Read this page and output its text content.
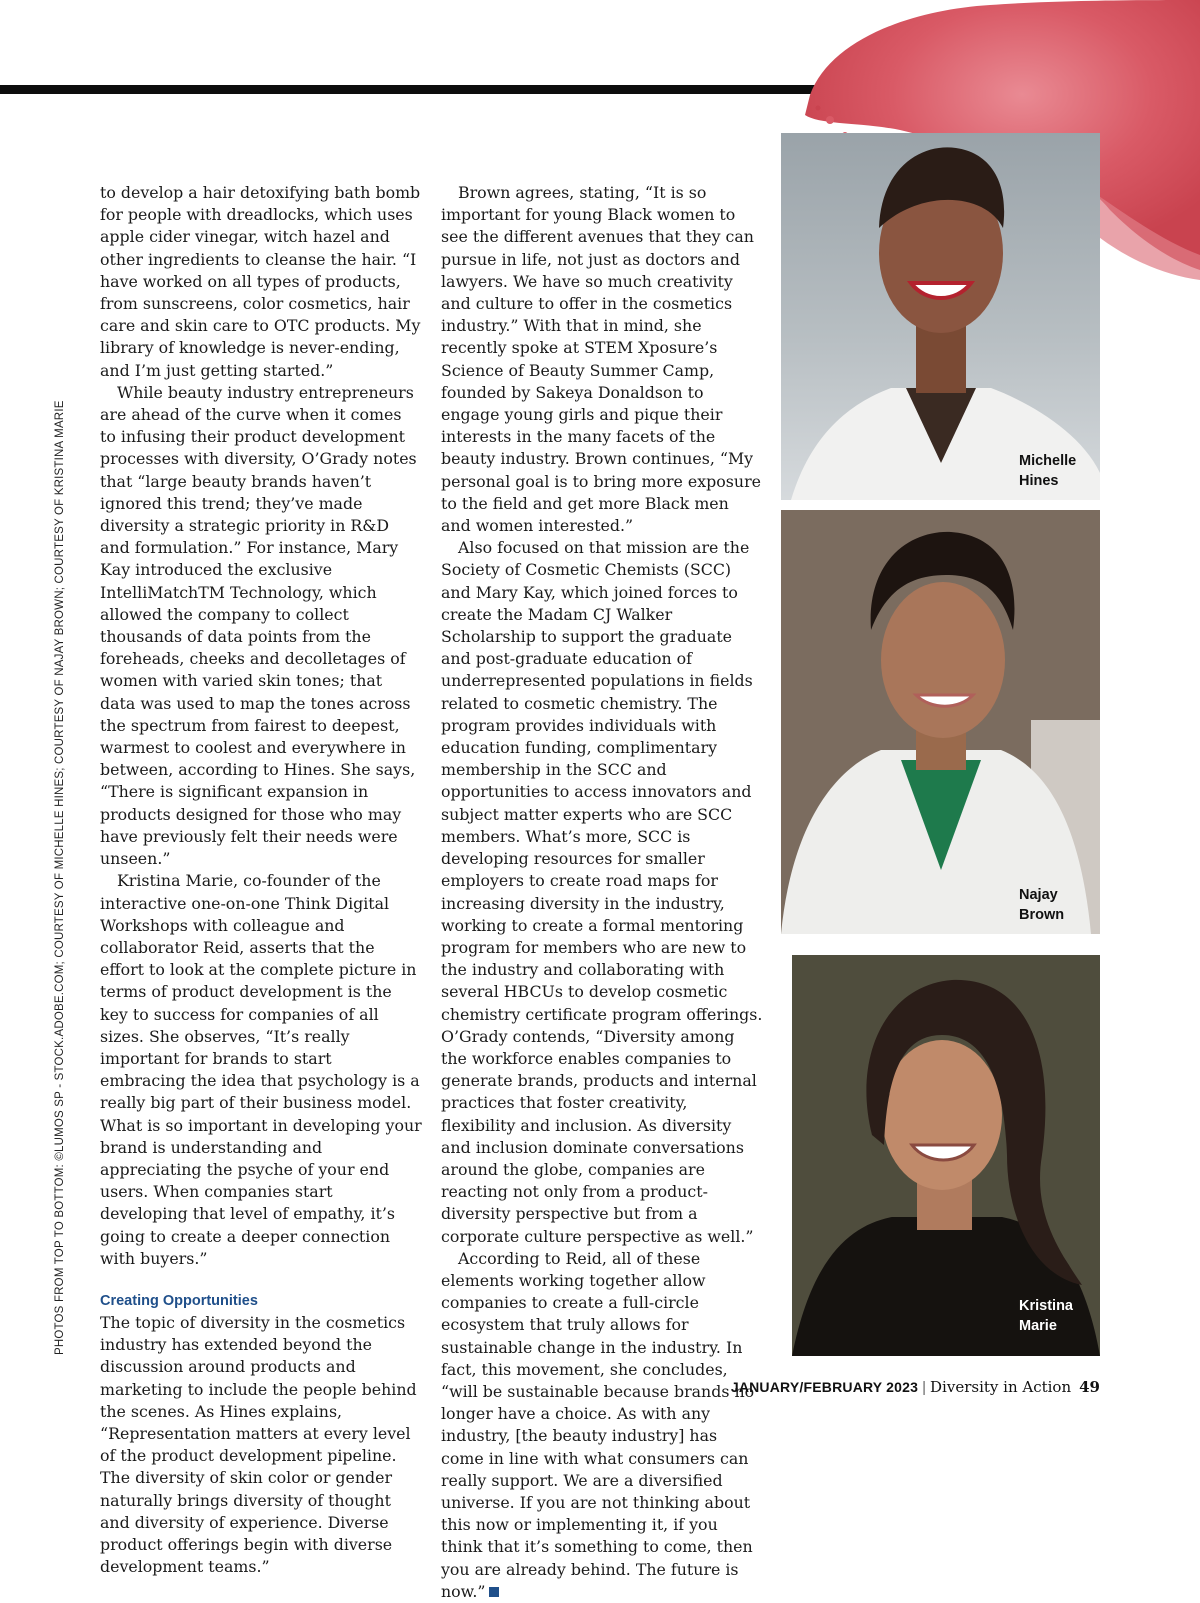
PHOTOS FROM TOP TO BOTTOM: ©LUMOS SP - STOCK.ADOBE.COM; COURTESY OF MICHELLE HINES; COURTESY OF NAJAY BROWN; COURTESY OF KRISTINA MARIE

to develop a hair detoxifying bath bomb for people with dreadlocks, which uses apple cider vinegar, witch hazel and other ingredients to cleanse the hair. “I have worked on all types of products, from sunscreens, color cosmetics, hair care and skin care to OTC products. My library of knowledge is never-ending, and I’m just getting started.”

While beauty industry entrepreneurs are ahead of the curve when it comes to infusing their product development processes with diversity, O’Grady notes that “large beauty brands haven’t ignored this trend; they’ve made diversity a strategic priority in R&D and formulation.” For instance, Mary Kay introduced the exclusive IntelliMatchTM Technology, which allowed the company to collect thousands of data points from the foreheads, cheeks and decolletages of women with varied skin tones; that data was used to map the tones across the spectrum from fairest to deepest, warmest to coolest and everywhere in between, according to Hines. She says, “There is significant expansion in products designed for those who may have previously felt their needs were unseen.”

Kristina Marie, co-founder of the interactive one-on-one Think Digital Workshops with colleague and collaborator Reid, asserts that the effort to look at the complete picture in terms of product development is the key to success for companies of all sizes. She observes, “It’s really important for brands to start embracing the idea that psychology is a really big part of their business model. What is so important in developing your brand is understanding and appreciating the psyche of your end users. When companies start developing that level of empathy, it’s going to create a deeper connection with buyers.”

Creating Opportunities

The topic of diversity in the cosmetics industry has extended beyond the discussion around products and marketing to include the people behind the scenes. As Hines explains, “Representation matters at every level of the product development pipeline. The diversity of skin color or gender naturally brings diversity of thought and diversity of experience. Diverse product offerings begin with diverse development teams.”

Brown agrees, stating, “It is so important for young Black women to see the different avenues that they can pursue in life, not just as doctors and lawyers. We have so much creativity and culture to offer in the cosmetics industry.” With that in mind, she recently spoke at STEM Xposure’s Science of Beauty Summer Camp, founded by Sakeya Donaldson to engage young girls and pique their interests in the many facets of the beauty industry. Brown continues, “My personal goal is to bring more exposure to the field and get more Black men and women interested.”

Also focused on that mission are the Society of Cosmetic Chemists (SCC) and Mary Kay, which joined forces to create the Madam CJ Walker Scholarship to support the graduate and post-graduate education of underrepresented populations in fields related to cosmetic chemistry. The program provides individuals with education funding, complimentary membership in the SCC and opportunities to access innovators and subject matter experts who are SCC members. What’s more, SCC is developing resources for smaller employers to create road maps for increasing diversity in the industry, working to create a formal mentoring program for members who are new to the industry and collaborating with several HBCUs to develop cosmetic chemistry certificate program offerings. O’Grady contends, “Diversity among the workforce enables companies to generate brands, products and internal practices that foster creativity, flexibility and inclusion. As diversity and inclusion dominate conversations around the globe, companies are reacting not only from a product-diversity perspective but from a corporate culture perspective as well.”

According to Reid, all of these elements working together allow companies to create a full-circle ecosystem that truly allows for sustainable change in the industry. In fact, this movement, she concludes, “will be sustainable because brands no longer have a choice. As with any industry, [the beauty industry] has come in line with what consumers can really support. We are a diversified universe. If you are not thinking about this now or implementing it, if you think that it’s something to come, then you are already behind. The future is now.”

Michelle
Hines
Najay
Brown
Kristina
Marie
JANUARY/FEBRUARY 2023 | Diversity in Action 49
